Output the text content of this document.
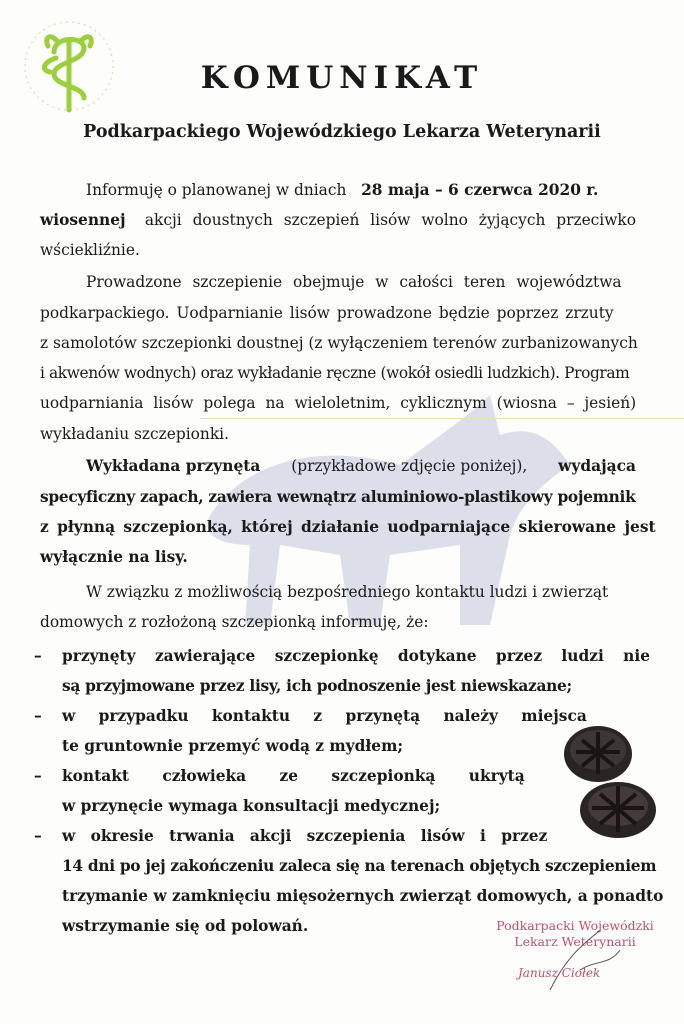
KOMUNIKAT
Podkarpackiego Wojewódzkiego Lekarza Weterynarii
Informuję o planowanej w dniach 28 maja – 6 czerwca 2020 r.
wiosennej akcji doustnych szczepień lisów wolno żyjących przeciwko
wściekliźnie.
Prowadzone szczepienie obejmuje w całości teren województwa
podkarpackiego. Uodparnianie lisów prowadzone będzie poprzez zrzuty
z samolotów szczepionki doustnej (z wyłączeniem terenów zurbanizowanych
i akwenów wodnych) oraz wykładanie ręczne (wokół osiedli ludzkich). Program
uodparniania lisów polega na wieloletnim, cyklicznym (wiosna – jesień)
wykładaniu szczepionki.
Wykładana przynęta (przykładowe zdjęcie poniżej), wydająca
specyficzny zapach, zawiera wewnątrz aluminiowo-plastikowy pojemnik
z płynną szczepionką, której działanie uodparniające skierowane jest
wyłącznie na lisy.
W związku z możliwością bezpośredniego kontaktu ludzi i zwierząt
domowych z rozłożoną szczepionką informuję, że:
– przynęty zawierające szczepionkę dotykane przez ludzi nie
są przyjmowane przez lisy, ich podnoszenie jest niewskazane;
– w przypadku kontaktu z przynętą należy miejsca
te gruntownie przemyć wodą z mydłem;
– kontakt człowieka ze szczepionką ukrytą
w przynęcie wymaga konsultacji medycznej;
– w okresie trwania akcji szczepienia lisów i przez
14 dni po jej zakończeniu zaleca się na terenach objętych szczepieniem
trzymanie w zamknięciu mięsożernych zwierząt domowych, a ponadto
wstrzymanie się od polowań.	Podkarpacki Wojewódzki
Lekarz Weterynarii
Janusz Ciołek
